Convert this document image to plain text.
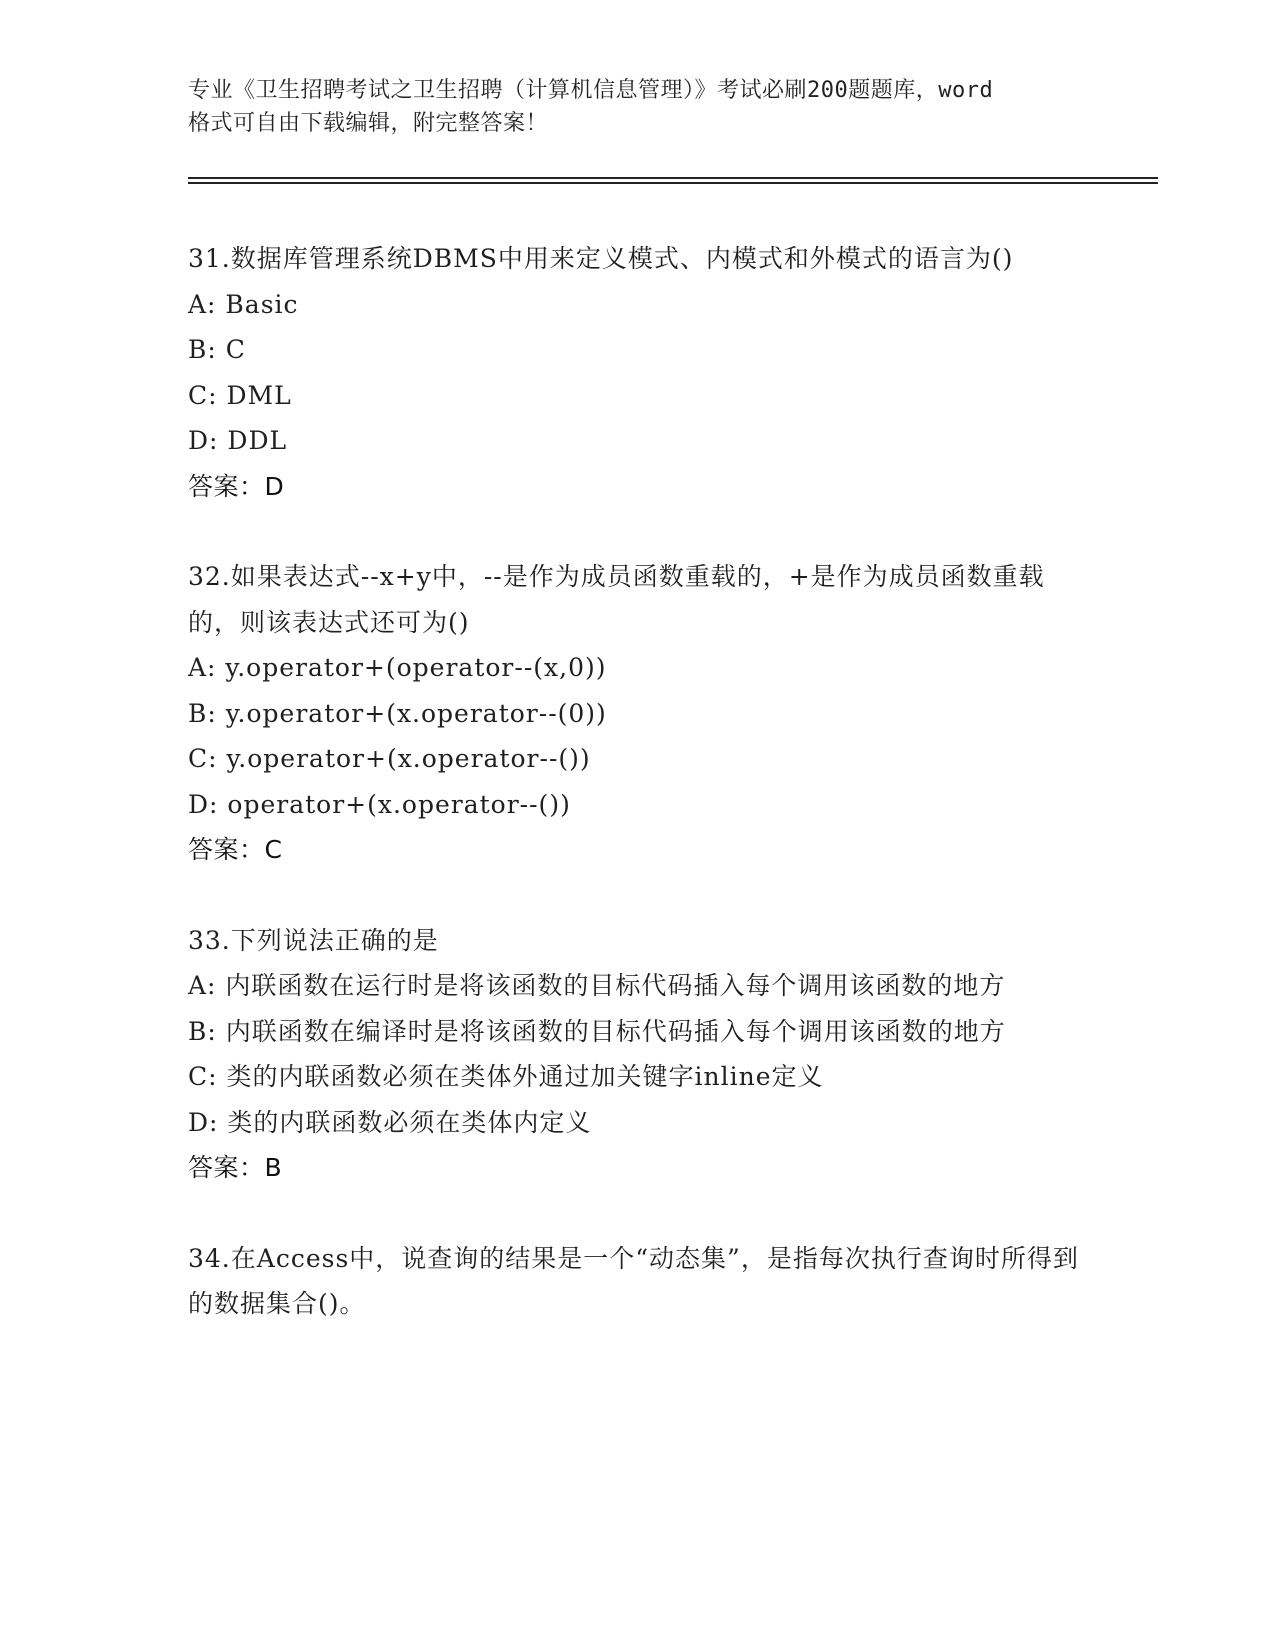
专业《卫生招聘考试之卫生招聘（计算机信息管理）》考试必刷200题题库，word
格式可自由下载编辑，附完整答案！
31.数据库管理系统DBMS中用来定义模式、内模式和外模式的语言为()
A: Basic
B: C
C: DML
D: DDL
答案：D
32.如果表达式--x+y中，--是作为成员函数重载的，+是作为成员函数重载的，则该表达式还可为()
A: y.operator+(operator--(x,0))
B: y.operator+(x.operator--(0))
C: y.operator+(x.operator--())
D: operator+(x.operator--())
答案：C
33.下列说法正确的是
A: 内联函数在运行时是将该函数的目标代码插入每个调用该函数的地方
B: 内联函数在编译时是将该函数的目标代码插入每个调用该函数的地方
C: 类的内联函数必须在类体外通过加关键字inline定义
D: 类的内联函数必须在类体内定义
答案：B
34.在Access中，说查询的结果是一个“动态集”，是指每次执行查询时所得到的数据集合()。
